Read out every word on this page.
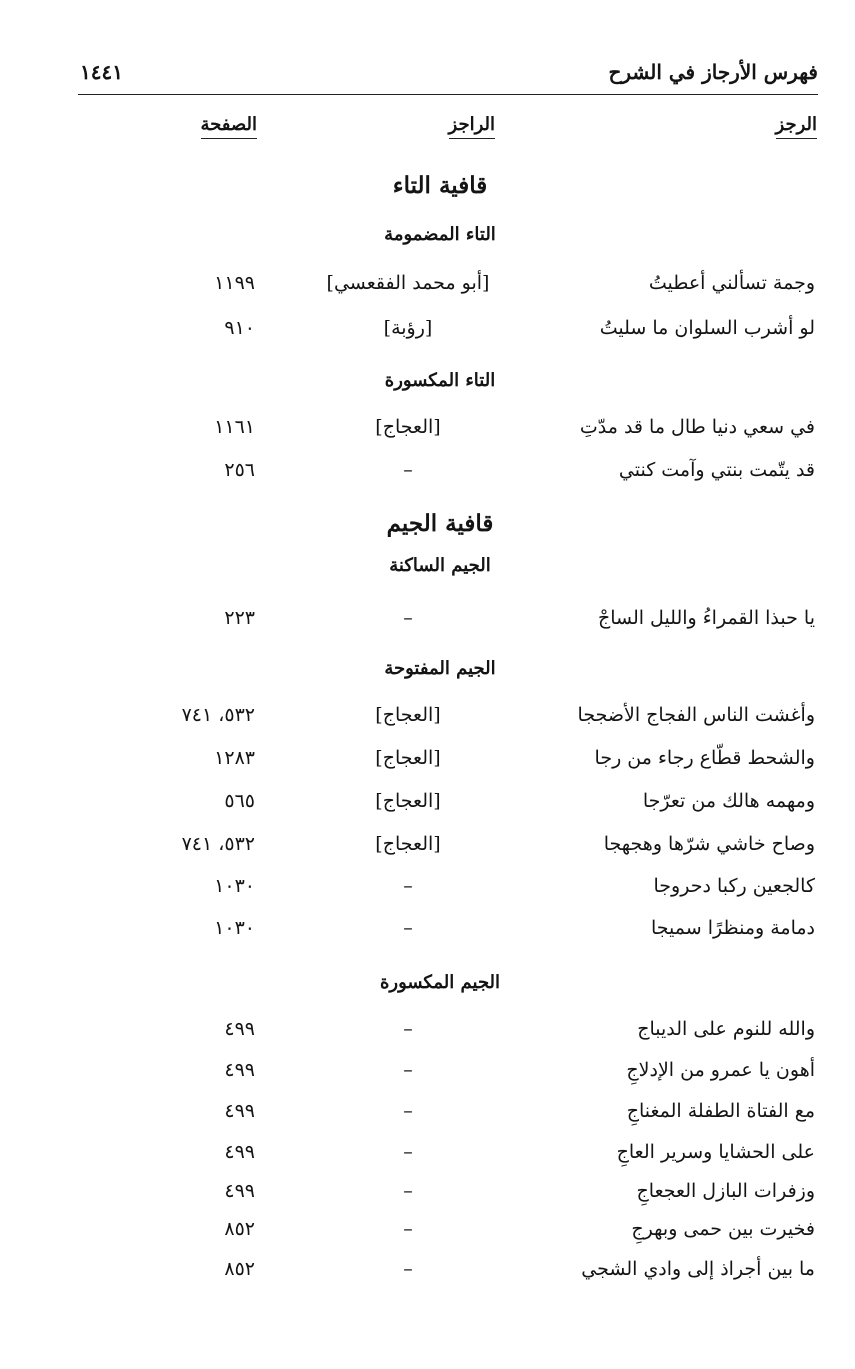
فهرس الأرجاز في الشرح
١٤٤١
الرجز
الراجز
الصفحة
قافية التاء
التاء المضمومة
وجمة تسألني أعطيتُ
[أبو محمد الفقعسي]
١١٩٩
لو أشرب السلوان ما سليتُ
[رؤبة]
٩١٠
التاء المكسورة
في سعي دنيا طال ما قد مدّتِ
[العجاج]
١١٦١
قد يتّمت بنتي وآمت كنتي
–
٢٥٦
قافية الجيم
الجيم الساكنة
يا حبذا القمراءُ والليل الساجْ
–
٢٢٣
الجيم المفتوحة
وأغشت الناس الفجاج الأضججا
[العجاج]
٥٣٢، ٧٤١
والشحط قطّاع رجاء من رجا
[العجاج]
١٢٨٣
ومهمه هالك من تعرّجا
[العجاج]
٥٦٥
وصاح خاشي شرّها وهجهجا
[العجاج]
٥٣٢، ٧٤١
كالجعين ركبا دحروجا
–
١٠٣٠
دمامة ومنظرًا سميجا
–
١٠٣٠
الجيم المكسورة
والله للنوم على الديباج
–
٤٩٩
أهون يا عمرو من الإدلاجِ
–
٤٩٩
مع الفتاة الطفلة المغناجِ
–
٤٩٩
على الحشايا وسرير العاجِ
–
٤٩٩
وزفرات البازل العجعاجِ
–
٤٩٩
فخيرت بين حمى وبهرجِ
–
٨٥٢
ما بين أجراذ إلى وادي الشجي
–
٨٥٢
